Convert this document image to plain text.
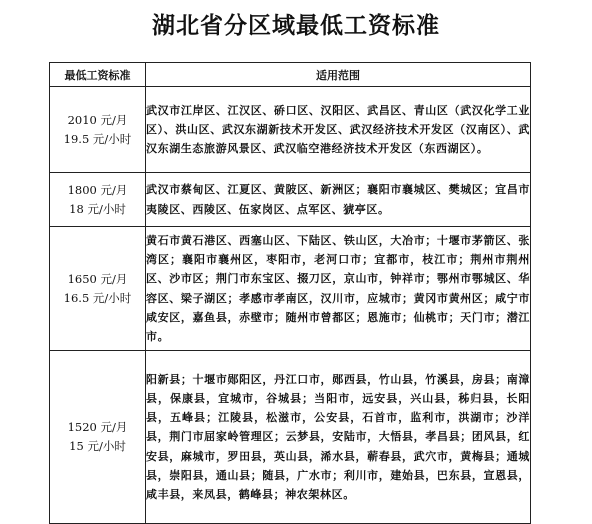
湖北省分区域最低工资标准
最低工资标准	适用范围

2010 元/月
19.5 元/小时	武汉市江岸区、江汉区、硚口区、汉阳区、武昌区、青山区（武汉化学工业区）、洪山区、武汉东湖新技术开发区、武汉经济技术开发区（汉南区）、武汉东湖生态旅游风景区、武汉临空港经济技术开发区（东西湖区）。

1800 元/月
18 元/小时	武汉市蔡甸区、江夏区、黄陂区、新洲区；襄阳市襄城区、樊城区；宜昌市夷陵区、西陵区、伍家岗区、点军区、猇亭区。

1650 元/月
16.5 元/小时	黄石市黄石港区、西塞山区、下陆区、铁山区，大冶市；十堰市茅箭区、张湾区；襄阳市襄州区，枣阳市，老河口市；宜都市，枝江市；荆州市荆州区、沙市区；荆门市东宝区、掇刀区，京山市，钟祥市；鄂州市鄂城区、华容区、梁子湖区；孝感市孝南区，汉川市，应城市；黄冈市黄州区；咸宁市咸安区，嘉鱼县，赤壁市；随州市曾都区；恩施市；仙桃市；天门市；潜江市。

1520 元/月
15 元/小时	阳新县；十堰市郧阳区，丹江口市，郧西县，竹山县，竹溪县，房县；南漳县，保康县，宜城市，谷城县；当阳市，远安县，兴山县，秭归县，长阳县，五峰县；江陵县，松滋市，公安县，石首市，监利市，洪湖市；沙洋县，荆门市屈家岭管理区；云梦县，安陆市，大悟县，孝昌县；团风县，红安县，麻城市，罗田县，英山县，浠水县，蕲春县，武穴市，黄梅县；通城县，崇阳县，通山县；随县，广水市；利川市，建始县，巴东县，宣恩县，咸丰县，来凤县，鹤峰县；神农架林区。
